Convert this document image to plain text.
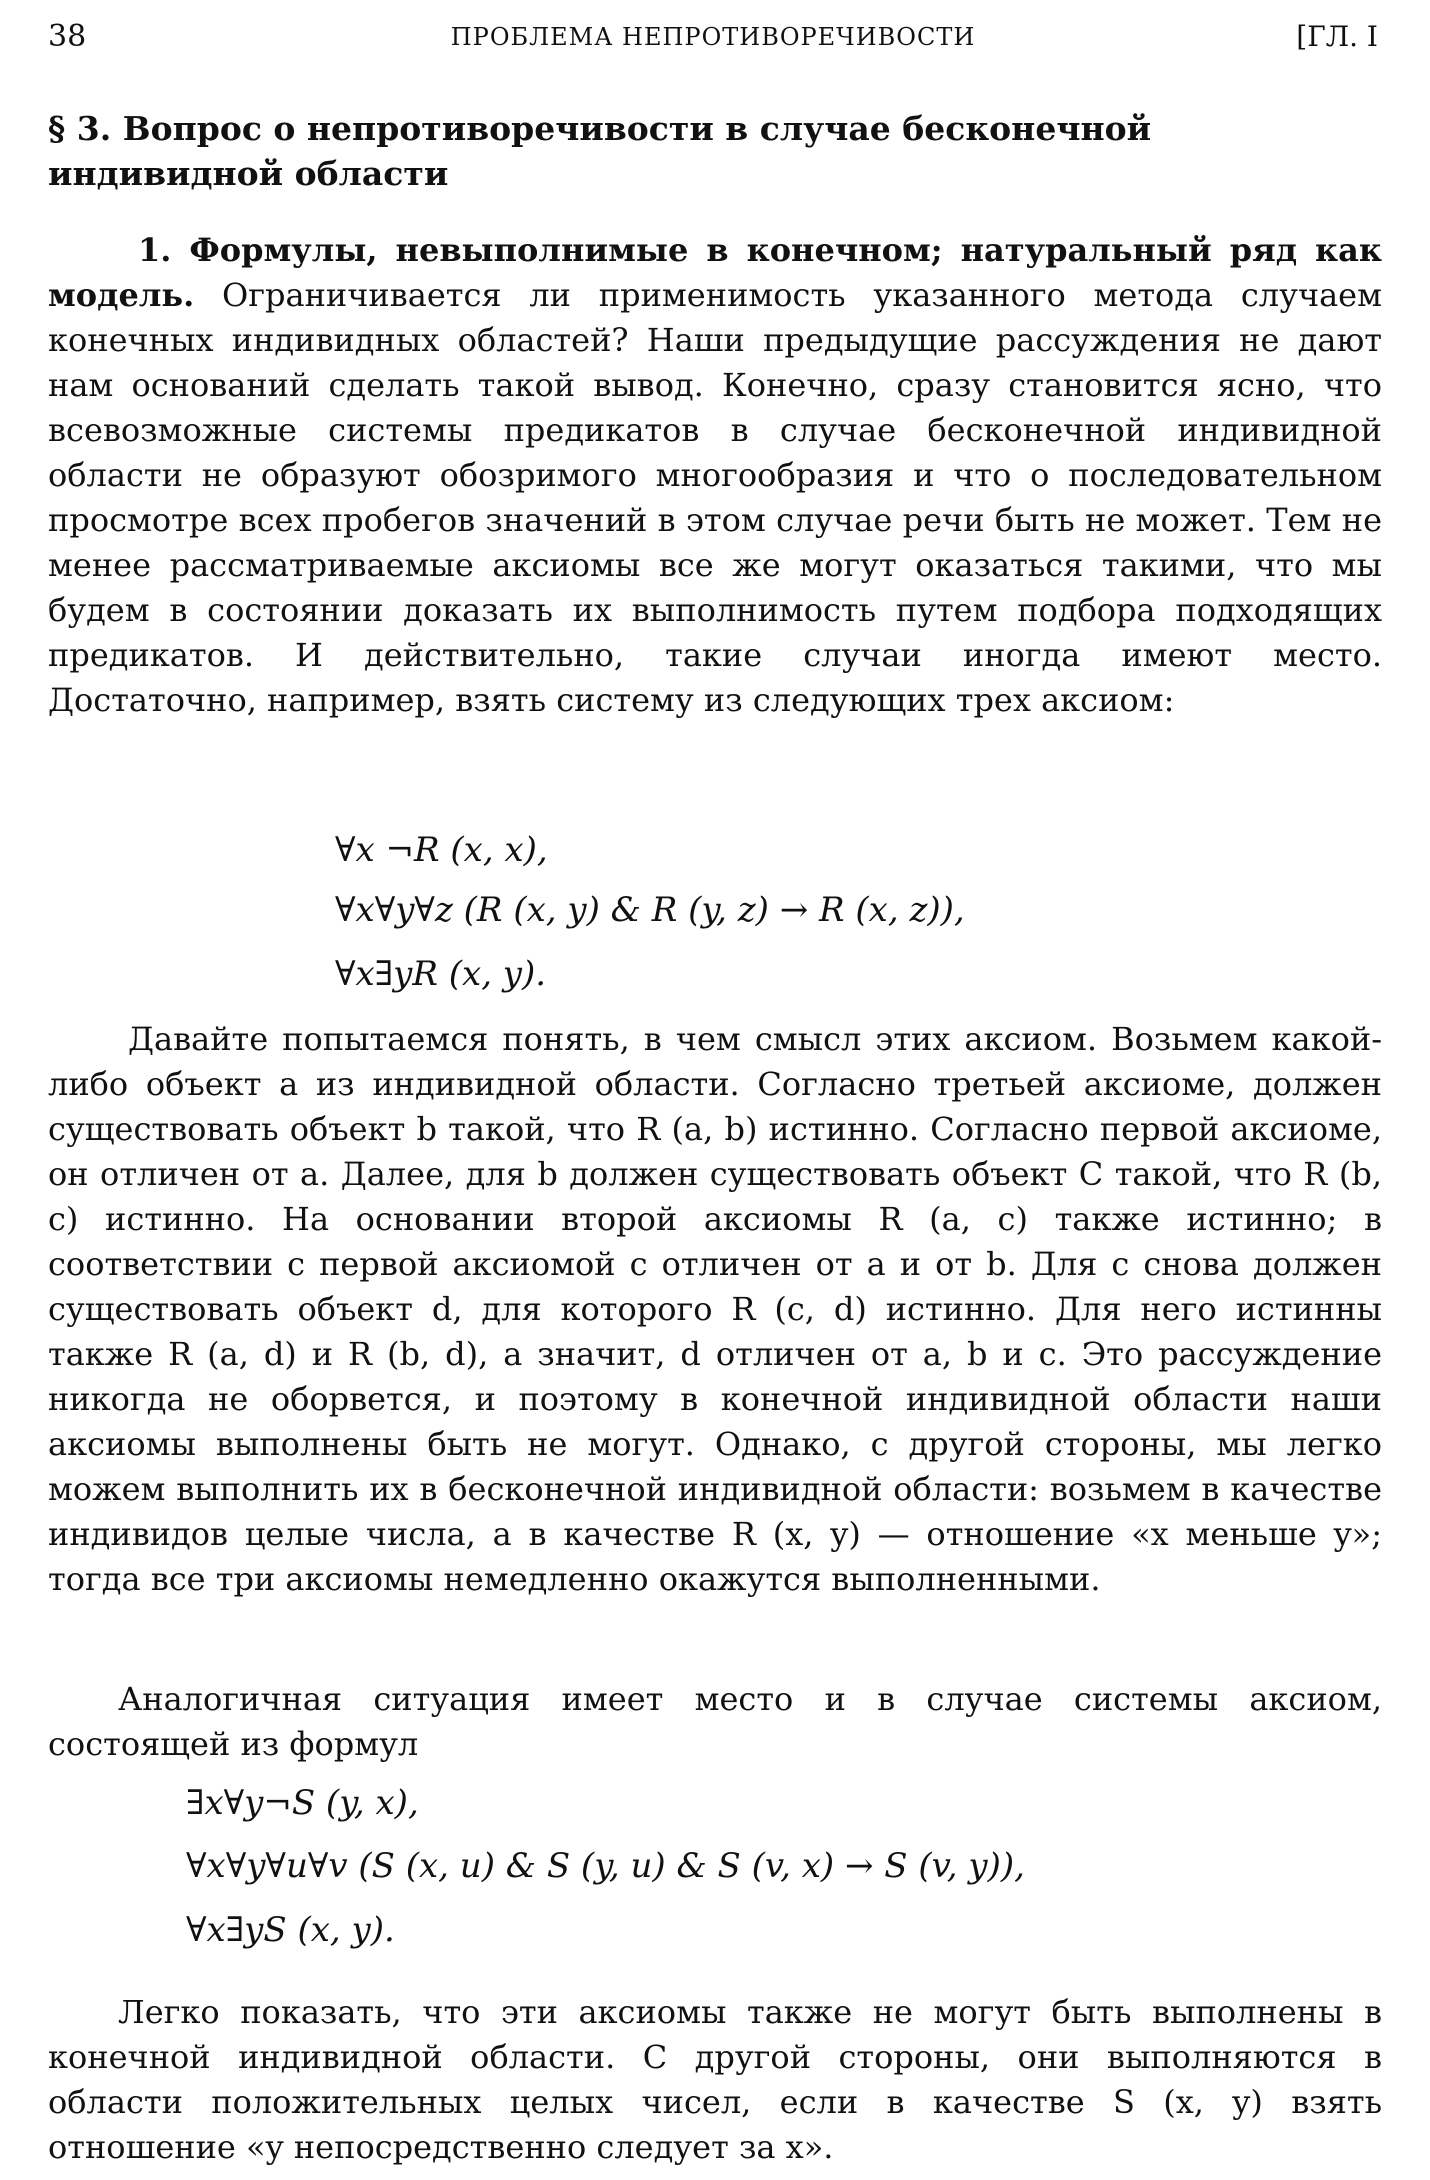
38	ПРОБЛЕМА НЕПРОТИВОРЕЧИВОСТИ	[ГЛ. I
§ 3. Вопрос о непротиворечивости в случае бесконечной индивидной области

1. Формулы, невыполнимые в конечном; натуральный ряд как модель. Ограничивается ли применимость указанного метода случаем конечных индивидных областей? Наши предыдущие рассуждения не дают нам оснований сделать такой вывод. Конечно, сразу становится ясно, что всевозможные системы предикатов в случае бесконечной индивидной области не образуют обозримого многообразия и что о последовательном просмотре всех пробегов значений в этом случае речи быть не может. Тем не менее рассматриваемые аксиомы все же могут оказаться такими, что мы будем в состоянии доказать их выполнимость путем подбора подходящих предикатов. И действительно, такие случаи иногда имеют место. Достаточно, например, взять систему из следующих трех аксиом:

∀x ¬R (x, x),
∀x∀y∀z (R (x, y) & R (y, z) → R (x, z)),
∀x∃yR (x, y).

Давайте попытаемся понять, в чем смысл этих аксиом. Возьмем какой-либо объект a из индивидной области. Согласно третьей аксиоме, должен существовать объект b такой, что R (a, b) истинно. Согласно первой аксиоме, он отличен от a. Далее, для b должен существовать объект C такой, что R (b, c) истинно. На основании второй аксиомы R (a, c) также истинно; в соответствии с первой аксиомой c отличен от a и от b. Для c снова должен существовать объект d, для которого R (c, d) истинно. Для него истинны также R (a, d) и R (b, d), а значит, d отличен от a, b и c. Это рассуждение никогда не оборвется, и поэтому в конечной индивидной области наши аксиомы выполнены быть не могут. Однако, с другой стороны, мы легко можем выполнить их в бесконечной индивидной области: возьмем в качестве индивидов целые числа, а в качестве R (x, y) — отношение «x меньше y»; тогда все три аксиомы немедленно окажутся выполненными.

Аналогичная ситуация имеет место и в случае системы аксиом, состоящей из формул

∃x∀y¬S (y, x),
∀x∀y∀u∀v (S (x, u) & S (y, u) & S (v, x) → S (v, y)),
∀x∃yS (x, y).

Легко показать, что эти аксиомы также не могут быть выполнены в конечной индивидной области. С другой стороны, они выполняются в области положительных целых чисел, если в качестве S (x, y) взять отношение «y непосредственно следует за x».
